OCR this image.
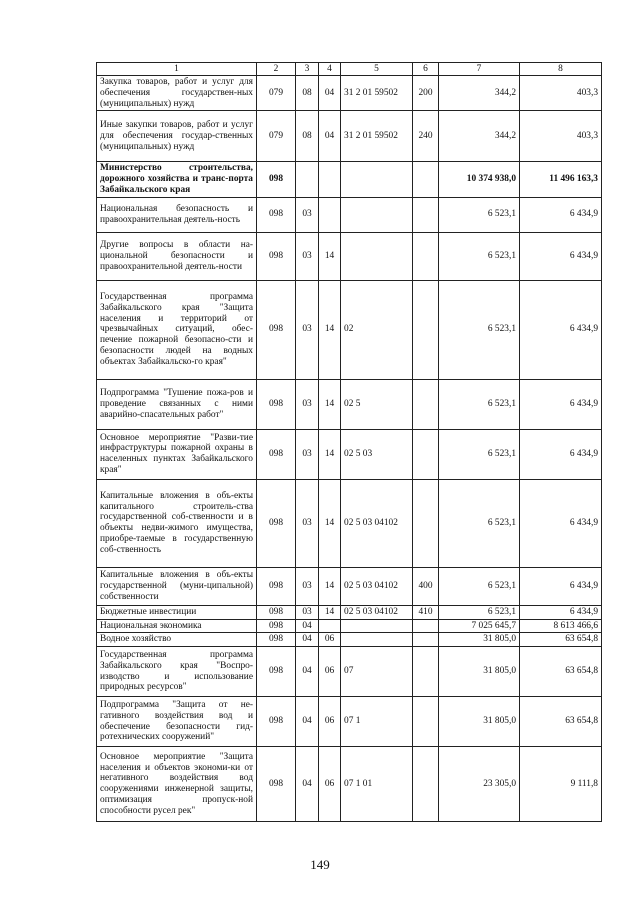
1	2	3	4	5	6	7	8
Закупка товаров, работ и услуг для обеспечения государствен-ных (муниципальных) нужд	079	08	04	31 2 01 59502	200	344,2	403,3
Иные закупки товаров, работ и услуг для обеспечения государ-ственных (муниципальных) нужд	079	08	04	31 2 01 59502	240	344,2	403,3
Министерство строительства, дорожного хозяйства и транс-порта Забайкальского края	098					10 374 938,0	11 496 163,3
Национальная безопасность и правоохранительная деятель-ность	098	03				6 523,1	6 434,9
Другие вопросы в области на-циональной безопасности и правоохранительной деятель-ности	098	03	14			6 523,1	6 434,9
Государственная программа Забайкальского края "Защита населения и территорий от чрезвычайных ситуаций, обес-печение пожарной безопасно-сти и безопасности людей на водных объектах Забайкальско-го края"	098	03	14	02		6 523,1	6 434,9
Подпрограмма "Тушение пожа-ров и проведение связанных с ними аварийно-спасательных работ"	098	03	14	02 5		6 523,1	6 434,9
Основное мероприятие "Разви-тие инфраструктуры пожарной охраны в населенных пунктах Забайкальского края"	098	03	14	02 5 03		6 523,1	6 434,9
Капитальные вложения в объ-екты капитального строитель-ства государственной соб-ственности и в объекты недви-жимого имущества, приобре-таемые в государственную соб-ственность	098	03	14	02 5 03 04102		6 523,1	6 434,9
Капитальные вложения в объ-екты государственной (муни-ципальной) собственности	098	03	14	02 5 03 04102	400	6 523,1	6 434,9
Бюджетные инвестиции	098	03	14	02 5 03 04102	410	6 523,1	6 434,9
Национальная экономика	098	04				7 025 645,7	8 613 466,6
Водное хозяйство	098	04	06			31 805,0	63 654,8
Государственная программа Забайкальского края "Воспро-изводство и использование природных ресурсов"	098	04	06	07		31 805,0	63 654,8
Подпрограмма "Защита от не-гативного воздействия вод и обеспечение безопасности гид-ротехнических сооружений"	098	04	06	07 1		31 805,0	63 654,8
Основное мероприятие "Защита населения и объектов экономи-ки от негативного воздействия вод сооружениями инженерной защиты, оптимизация пропуск-ной способности русел рек"	098	04	06	07 1 01		23 305,0	9 111,8
149
